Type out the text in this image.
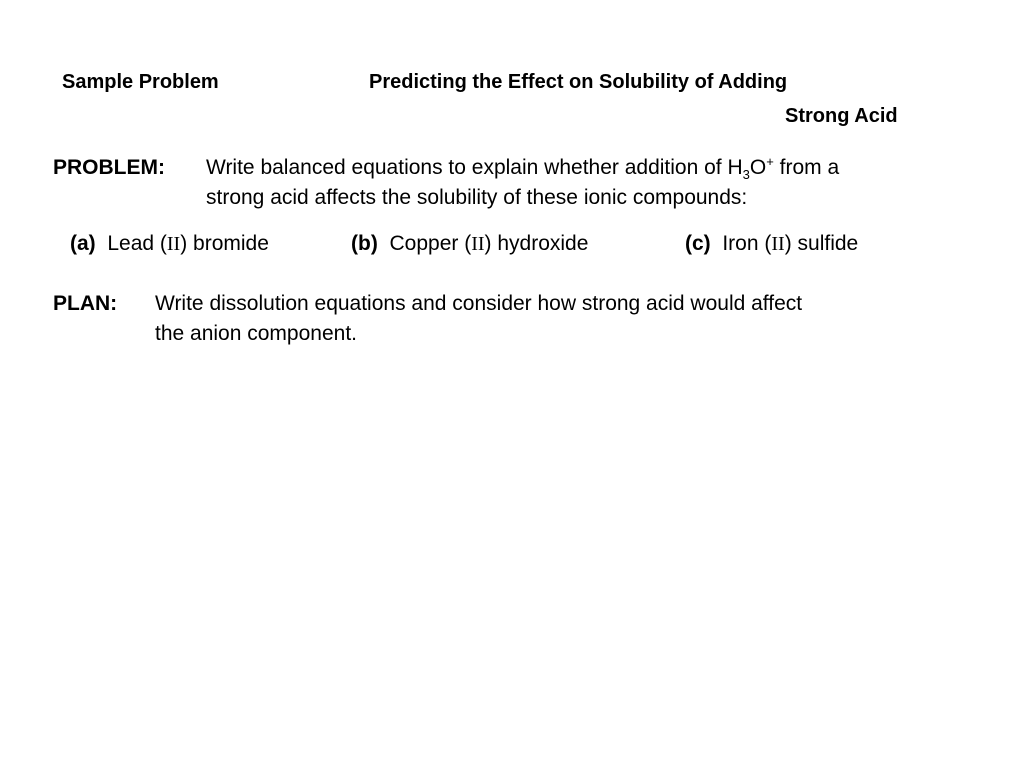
Sample Problem	Predicting the Effect on Solubility of Adding
Strong Acid
PROBLEM: Write balanced equations to explain whether addition of $H_3O^+$ from a
strong acid affects the solubility of these ionic compounds:
(a) Lead (II) bromide	(b) Copper (II) hydroxide	(c) Iron (II) sulfide
PLAN: Write dissolution equations and consider how strong acid would affect
the anion component.
